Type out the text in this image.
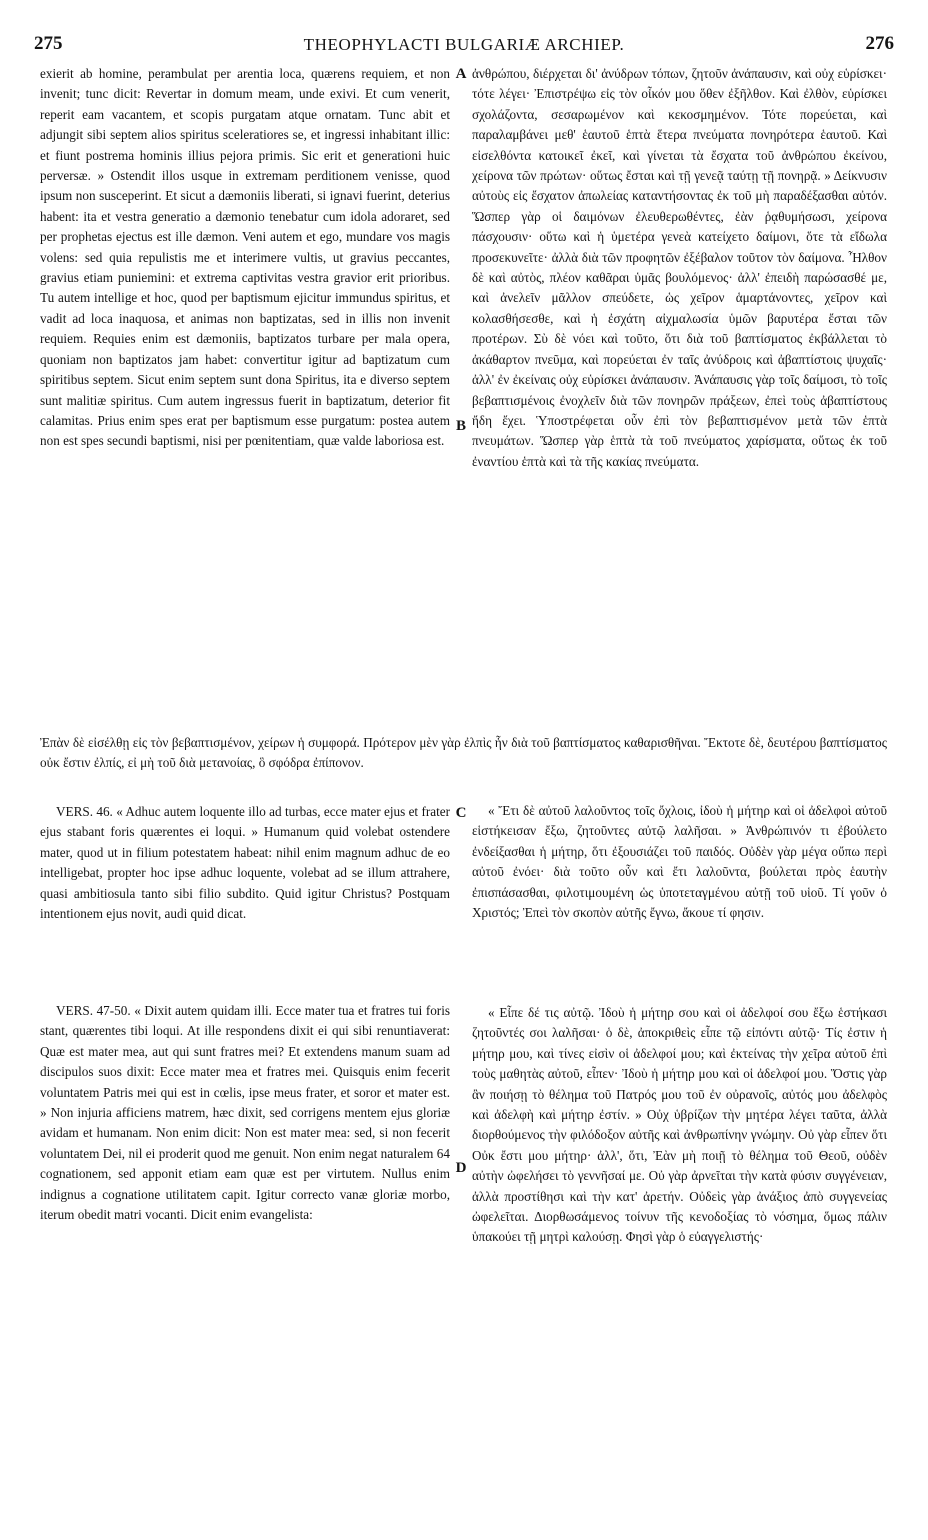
275	THEOPHYLACTI BULGARIÆ ARCHIEP.	276

exierit ab homine, perambulat per arentia loca, quærens requiem, et non invenit; tunc dicit: Revertar in domum meam, unde exivi. Et cum venerit, reperit eam vacantem, et scopis purgatam atque ornatam. Tunc abit et adjungit sibi septem alios spiritus sceleratiores se, et ingressi inhabitant illic: et fiunt postrema hominis illius pejora primis. Sic erit et generationi huic perversæ. » Ostendit illos usque in extremam perditionem venisse, quod ipsum non susceperint. Et sicut a dæmoniis liberati, si ignavi fuerint, deterius habent: ita et vestra generatio a dæmonio tenebatur cum idola adoraret, sed per prophetas ejectus est ille dæmon. Veni autem et ego, mundare vos magis volens: sed quia repulistis me et interimere vultis, ut gravius peccantes, gravius etiam puniemini: et extrema captivitas vestra gravior erit prioribus. Tu autem intellige et hoc, quod per baptismum ejicitur immundus spiritus, et vadit ad loca inaquosa, et animas non baptizatas, sed in illis non invenit requiem. Requies enim est dæmoniis, baptizatos turbare per mala opera, quoniam non baptizatos jam habet: convertitur igitur ad baptizatum cum spiritibus septem. Sicut enim septem sunt dona Spiritus, ita e diverso septem sunt malitiæ spiritus. Cum autem ingressus fuerit in baptizatum, deterior fit calamitas. Prius enim spes erat per baptismum esse purgatum: postea autem non est spes secundi baptismi, nisi per pœnitentiam, quæ valde laboriosa est.

VERS. 46. « Adhuc autem loquente illo ad turbas, ecce mater ejus et frater ejus stabant foris quærentes ei loqui. » Humanum quid volebat ostendere mater, quod ut in filium potestatem habeat: nihil enim magnum adhuc de eo intelligebat, propter hoc ipse adhuc loquente, volebat ad se illum attrahere, quasi ambitiosula tanto sibi filio subdito. Quid igitur Christus? Postquam intentionem ejus novit, audi quid dicat.

VERS. 47-50. « Dixit autem quidam illi. Ecce mater tua et fratres tui foris stant, quærentes tibi loqui. At ille respondens dixit ei qui sibi renuntiaverat: Quæ est mater mea, aut qui sunt fratres mei? Et extendens manum suam ad discipulos suos dixit: Ecce mater mea et fratres mei. Quisquis enim fecerit voluntatem Patris mei qui est in cœlis, ipse meus frater, et soror et mater est. » Non injuria afficiens matrem, hæc dixit, sed corrigens mentem ejus gloriæ avidam et humanam. Non enim dicit: Non est mater mea: sed, si non fecerit voluntatem Dei, nil ei proderit quod me genuit. Non enim negat naturalem 64 cognationem, sed apponit etiam eam quæ est per virtutem. Nullus enim indignus a cognatione utilitatem capit. Igitur correcto vanæ gloriæ morbo, iterum obedit matri vocanti. Dicit enim evangelista:

ἀνθρώπου, διέρχεται δι' ἀνύδρων τόπων, ζητοῦν ἀνάπαυσιν, καὶ οὐχ εὑρίσκει· τότε λέγει· Ἐπιστρέψω εἰς τὸν οἶκόν μου ὅθεν ἐξῆλθον. Καὶ ἐλθὸν, εὑρίσκει σχολάζοντα, σεσαρωμένον καὶ κεκοσμημένον. Τότε πορεύεται, καὶ παραλαμβάνει μεθ' ἑαυτοῦ ἑπτὰ ἕτερα πνεύματα πονηρότερα ἑαυτοῦ. Καὶ εἰσελθόντα κατοικεῖ ἐκεῖ, καὶ γίνεται τὰ ἔσχατα τοῦ ἀνθρώπου ἐκείνου, χείρονα τῶν πρώτων· οὕτως ἔσται καὶ τῇ γενεᾷ ταύτῃ τῇ πονηρᾷ. » Δείκνυσιν αὐτοὺς εἰς ἔσχατον ἀπωλείας καταντήσοντας ἐκ τοῦ μὴ παραδέξασθαι αὐτόν. Ὥσπερ γὰρ οἱ δαιμόνων ἐλευθερωθέντες, ἐὰν ῥᾳθυμήσωσι, χείρονα πάσχουσιν· οὕτω καὶ ἡ ὑμετέρα γενεὰ κατείχετο δαίμονι, ὅτε τὰ εἴδωλα προσεκυνεῖτε· ἀλλὰ διὰ τῶν προφητῶν ἐξέβαλον τοῦτον τὸν δαίμονα. Ἦλθον δὲ καὶ αὐτὸς, πλέον καθᾶραι ὑμᾶς βουλόμενος· ἀλλ' ἐπειδὴ παρώσασθέ με, καὶ ἀνελεῖν μᾶλλον σπεύδετε, ὡς χεῖρον ἁμαρτάνοντες, χεῖρον καὶ κολασθήσεσθε, καὶ ἡ ἐσχάτη αἰχμαλωσία ὑμῶν βαρυτέρα ἔσται τῶν προτέρων. Σὺ δὲ νόει καὶ τοῦτο, ὅτι διὰ τοῦ βαπτίσματος ἐκβάλλεται τὸ ἀκάθαρτον πνεῦμα, καὶ πορεύεται ἐν ταῖς ἀνύδροις καὶ ἀβαπτίστοις ψυχαῖς· ἀλλ' ἐν ἐκείναις οὐχ εὑρίσκει ἀνάπαυσιν. Ἀνάπαυσις γὰρ τοῖς δαίμοσι, τὸ τοῖς βεβαπτισμένοις ἐνοχλεῖν διὰ τῶν πονηρῶν πράξεων, ἐπεὶ τοὺς ἀβαπτίστους ἤδη ἔχει. Ὑποστρέφεται οὖν ἐπὶ τὸν βεβαπτισμένον μετὰ τῶν ἑπτὰ πνευμάτων. Ὥσπερ γὰρ ἑπτὰ τὰ τοῦ πνεύματος χαρίσματα, οὕτως ἐκ τοῦ ἐναντίου ἑπτὰ καὶ τὰ τῆς κακίας πνεύματα.

« Ἔτι δὲ αὐτοῦ λαλοῦντος τοῖς ὄχλοις, ἰδοὺ ἡ μήτηρ καὶ οἱ ἀδελφοὶ αὐτοῦ εἱστήκεισαν ἔξω, ζητοῦντες αὐτῷ λαλῆσαι. » Ἀνθρώπινόν τι ἐβούλετο ἐνδείξασθαι ἡ μήτηρ, ὅτι ἐξουσιάζει τοῦ παιδός. Οὐδὲν γὰρ μέγα οὔπω περὶ αὐτοῦ ἐνόει· διὰ τοῦτο οὖν καὶ ἔτι λαλοῦντα, βούλεται πρὸς ἑαυτὴν ἐπισπάσασθαι, φιλοτιμουμένη ὡς ὑποτεταγμένου αὐτῇ τοῦ υἱοῦ. Τί γοῦν ὁ Χριστός; Ἐπεὶ τὸν σκοπὸν αὐτῆς ἔγνω, ἄκουε τί φησιν.

« Εἶπε δέ τις αὐτῷ. Ἰδοὺ ἡ μήτηρ σου καὶ οἱ ἀδελφοί σου ἔξω ἑστήκασι ζητοῦντές σοι λαλῆσαι· ὁ δὲ, ἀποκριθεὶς εἶπε τῷ εἰπόντι αὐτῷ· Τίς ἐστιν ἡ μήτηρ μου, καὶ τίνες εἰσὶν οἱ ἀδελφοί μου; καὶ ἐκτείνας τὴν χεῖρα αὐτοῦ ἐπὶ τοὺς μαθητὰς αὐτοῦ, εἶπεν· Ἰδοὺ ἡ μήτηρ μου καὶ οἱ ἀδελφοί μου. Ὅστις γὰρ ἂν ποιήσῃ τὸ θέλημα τοῦ Πατρός μου τοῦ ἐν οὐρανοῖς, αὐτός μου ἀδελφὸς καὶ ἀδελφὴ καὶ μήτηρ ἐστίν. » Οὐχ ὑβρίζων τὴν μητέρα λέγει ταῦτα, ἀλλὰ διορθούμενος τὴν φιλόδοξον αὐτῆς καὶ ἀνθρωπίνην γνώμην. Οὐ γὰρ εἶπεν ὅτι Οὐκ ἔστι μου μήτηρ· ἀλλ', ὅτι, Ἐὰν μὴ ποιῇ τὸ θέλημα τοῦ Θεοῦ, οὐδὲν αὐτὴν ὠφελήσει τὸ γεννῆσαί με. Οὐ γὰρ ἀρνεῖται τὴν κατὰ φύσιν συγγένειαν, ἀλλὰ προστίθησι καὶ τὴν κατ' ἀρετήν. Οὐδεὶς γὰρ ἀνάξιος ἀπὸ συγγενείας ὠφελεῖται. Διορθωσάμενος τοίνυν τῆς κενοδοξίας τὸ νόσημα, ὅμως πάλιν ὑπακούει τῇ μητρὶ καλούσῃ. Φησὶ γὰρ ὁ εὐαγγελιστής·

Ἐπὰν δὲ εἰσέλθῃ εἰς τὸν βεβαπτισμένον, χείρων ἡ συμφορά. Πρότερον μὲν γὰρ ἐλπὶς ἦν διὰ τοῦ βαπτίσματος καθαρισθῆναι. Ἔκτοτε δὲ, δευτέρου βαπτίσματος οὐκ ἔστιν ἐλπίς, εἰ μὴ τοῦ διὰ μετανοίας, ὃ σφόδρα ἐπίπονον.
A
B
C
D
